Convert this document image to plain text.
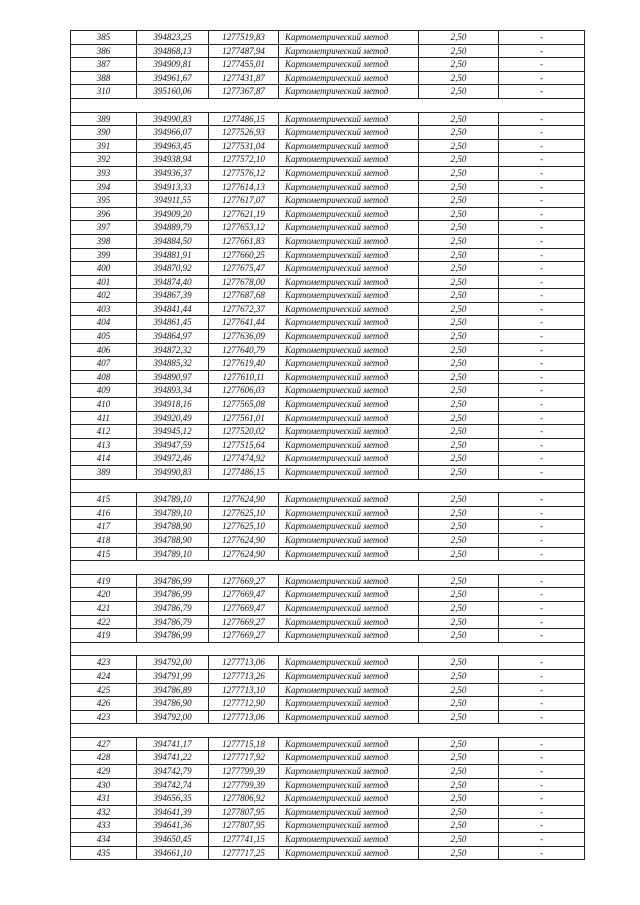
385	394823,25	1277519,83	Картометрический метод	2,50	-
386	394868,13	1277487,94	Картометрический метод	2,50	-
387	394909,81	1277455,01	Картометрический метод	2,50	-
388	394961,67	1277431,87	Картометрический метод	2,50	-
310	395160,06	1277367,87	Картометрический метод	2,50	-

389	394990,83	1277486,15	Картометрический метод	2,50	-
390	394966,07	1277526,93	Картометрический метод	2,50	-
391	394963,45	1277531,04	Картометрический метод	2,50	-
392	394938,94	1277572,10	Картометрический метод	2,50	-
393	394936,37	1277576,12	Картометрический метод	2,50	-
394	394913,33	1277614,13	Картометрический метод	2,50	-
395	394911,55	1277617,07	Картометрический метод	2,50	-
396	394909,20	1277621,19	Картометрический метод	2,50	-
397	394889,79	1277653,12	Картометрический метод	2,50	-
398	394884,50	1277661,83	Картометрический метод	2,50	-
399	394881,91	1277660,25	Картометрический метод	2,50	-
400	394870,92	1277675,47	Картометрический метод	2,50	-
401	394874,40	1277678,00	Картометрический метод	2,50	-
402	394867,39	1277687,68	Картометрический метод	2,50	-
403	394841,44	1277672,37	Картометрический метод	2,50	-
404	394861,45	1277641,44	Картометрический метод	2,50	-
405	394864,97	1277636,09	Картометрический метод	2,50	-
406	394872,32	1277640,79	Картометрический метод	2,50	-
407	394885,32	1277619,40	Картометрический метод	2,50	-
408	394890,97	1277610,11	Картометрический метод	2,50	-
409	394893,34	1277606,03	Картометрический метод	2,50	-
410	394918,16	1277565,08	Картометрический метод	2,50	-
411	394920,49	1277561,01	Картометрический метод	2,50	-
412	394945,12	1277520,02	Картометрический метод	2,50	-
413	394947,59	1277515,64	Картометрический метод	2,50	-
414	394972,46	1277474,92	Картометрический метод	2,50	-
389	394990,83	1277486,15	Картометрический метод	2,50	-

415	394789,10	1277624,90	Картометрический метод	2,50	-
416	394789,10	1277625,10	Картометрический метод	2,50	-
417	394788,90	1277625,10	Картометрический метод	2,50	-
418	394788,90	1277624,90	Картометрический метод	2,50	-
415	394789,10	1277624,90	Картометрический метод	2,50	-

419	394786,99	1277669,27	Картометрический метод	2,50	-
420	394786,99	1277669,47	Картометрический метод	2,50	-
421	394786,79	1277669,47	Картометрический метод	2,50	-
422	394786,79	1277669,27	Картометрический метод	2,50	-
419	394786,99	1277669,27	Картометрический метод	2,50	-

423	394792,00	1277713,06	Картометрический метод	2,50	-
424	394791,99	1277713,26	Картометрический метод	2,50	-
425	394786,89	1277713,10	Картометрический метод	2,50	-
426	394786,90	1277712,90	Картометрический метод	2,50	-
423	394792,00	1277713,06	Картометрический метод	2,50	-

427	394741,17	1277715,18	Картометрический метод	2,50	-
428	394741,22	1277717,92	Картометрический метод	2,50	-
429	394742,79	1277799,39	Картометрический метод	2,50	-
430	394742,74	1277799,39	Картометрический метод	2,50	-
431	394656,35	1277806,92	Картометрический метод	2,50	-
432	394641,39	1277807,95	Картометрический метод	2,50	-
433	394641,36	1277807,95	Картометрический метод	2,50	-
434	394650,45	1277741,15	Картометрический метод	2,50	-
435	394661,10	1277717,25	Картометрический метод	2,50	-
